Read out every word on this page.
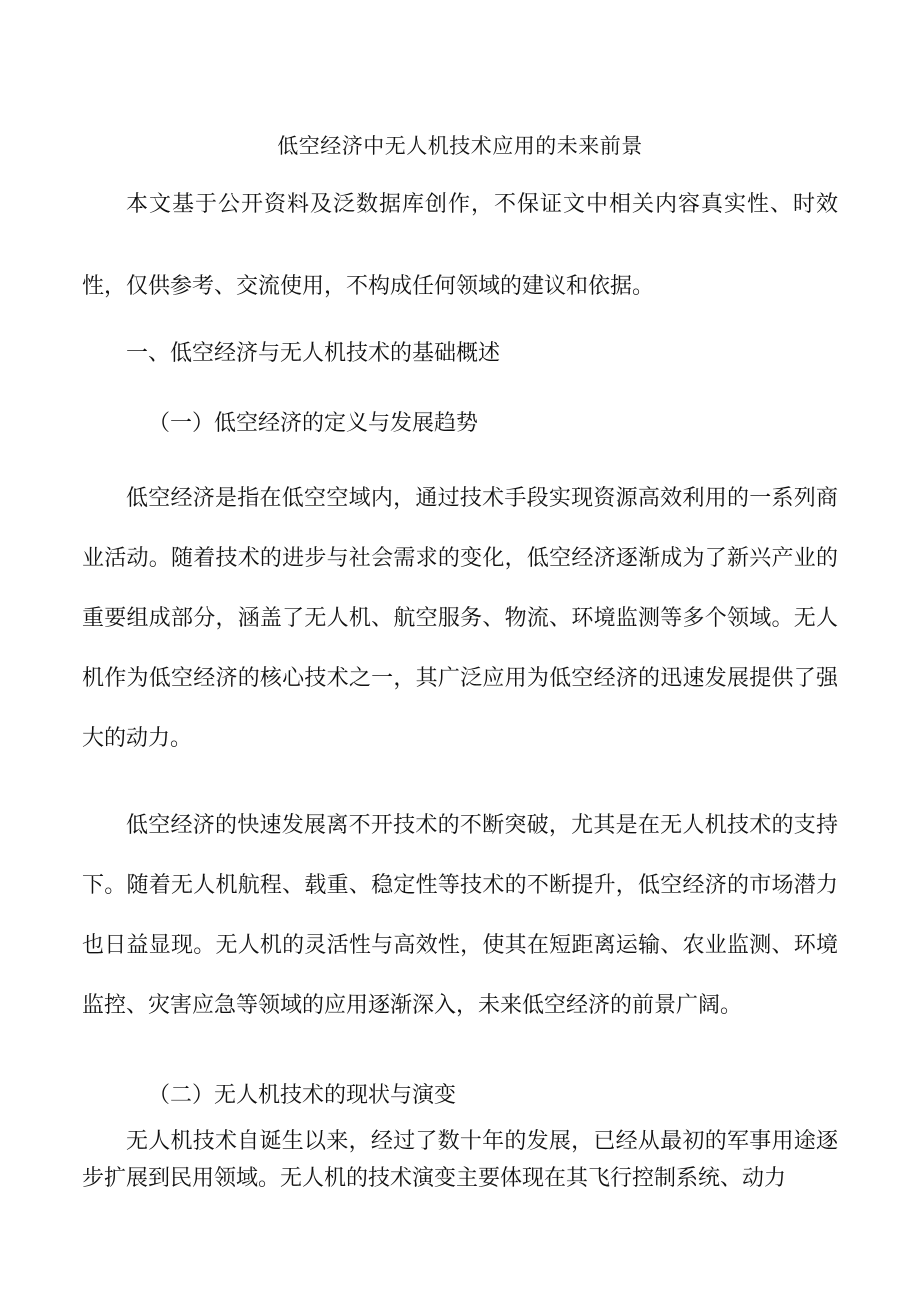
低空经济中无人机技术应用的未来前景

本文基于公开资料及泛数据库创作，不保证文中相关内容真实性、时效性，仅供参考、交流使用，不构成任何领域的建议和依据。

一、低空经济与无人机技术的基础概述

（一）低空经济的定义与发展趋势

低空经济是指在低空空域内，通过技术手段实现资源高效利用的一系列商业活动。随着技术的进步与社会需求的变化，低空经济逐渐成为了新兴产业的重要组成部分，涵盖了无人机、航空服务、物流、环境监测等多个领域。无人机作为低空经济的核心技术之一，其广泛应用为低空经济的迅速发展提供了强大的动力。

低空经济的快速发展离不开技术的不断突破，尤其是在无人机技术的支持下。随着无人机航程、载重、稳定性等技术的不断提升，低空经济的市场潜力也日益显现。无人机的灵活性与高效性，使其在短距离运输、农业监测、环境监控、灾害应急等领域的应用逐渐深入，未来低空经济的前景广阔。

（二）无人机技术的现状与演变

无人机技术自诞生以来，经过了数十年的发展，已经从最初的军事用途逐步扩展到民用领域。无人机的技术演变主要体现在其飞行控制系统、动力
